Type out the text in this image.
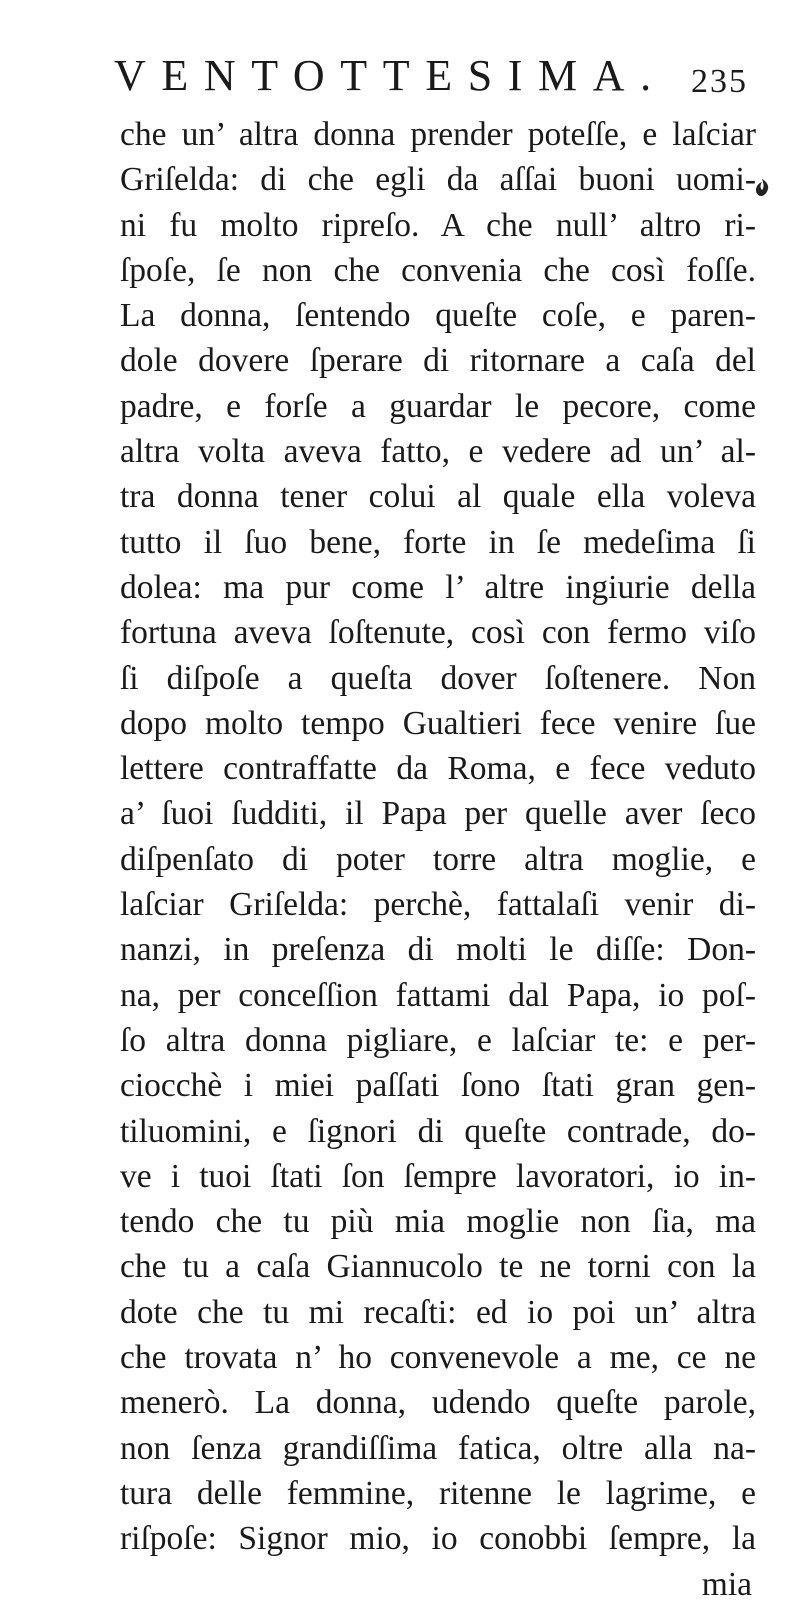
VENTOTTESIMA. 235
che un’ altra donna prender poteſſe, e laſciar
Griſelda: di che egli da aſſai buoni uomi-
ni fu molto ripreſo. A che null’ altro ri-
ſpoſe, ſe non che convenia che così foſſe.
La donna, ſentendo queſte coſe, e paren-
dole dovere ſperare di ritornare a caſa del
padre, e forſe a guardar le pecore, come
altra volta aveva fatto, e vedere ad un’ al-
tra donna tener colui al quale ella voleva
tutto il ſuo bene, forte in ſe medeſima ſi
dolea: ma pur come l’ altre ingiurie della
fortuna aveva ſoſtenute, così con fermo viſo
ſi diſpoſe a queſta dover ſoſtenere. Non
dopo molto tempo Gualtieri fece venire ſue
lettere contraffatte da Roma, e fece veduto
a’ ſuoi ſudditi, il Papa per quelle aver ſeco
diſpenſato di poter torre altra moglie, e
laſciar Griſelda: perchè, fattalaſi venir di-
nanzi, in preſenza di molti le diſſe: Don-
na, per conceſſion fattami dal Papa, io poſ-
ſo altra donna pigliare, e laſciar te: e per-
ciocchè i miei paſſati ſono ſtati gran gen-
tiluomini, e ſignori di queſte contrade, do-
ve i tuoi ſtati ſon ſempre lavoratori, io in-
tendo che tu più mia moglie non ſia, ma
che tu a caſa Giannucolo te ne torni con la
dote che tu mi recaſti: ed io poi un’ altra
che trovata n’ ho convenevole a me, ce ne
menerò. La donna, udendo queſte parole,
non ſenza grandiſſima fatica, oltre alla na-
tura delle femmine, ritenne le lagrime, e
riſpoſe: Signor mio, io conobbi ſempre, la
mia
